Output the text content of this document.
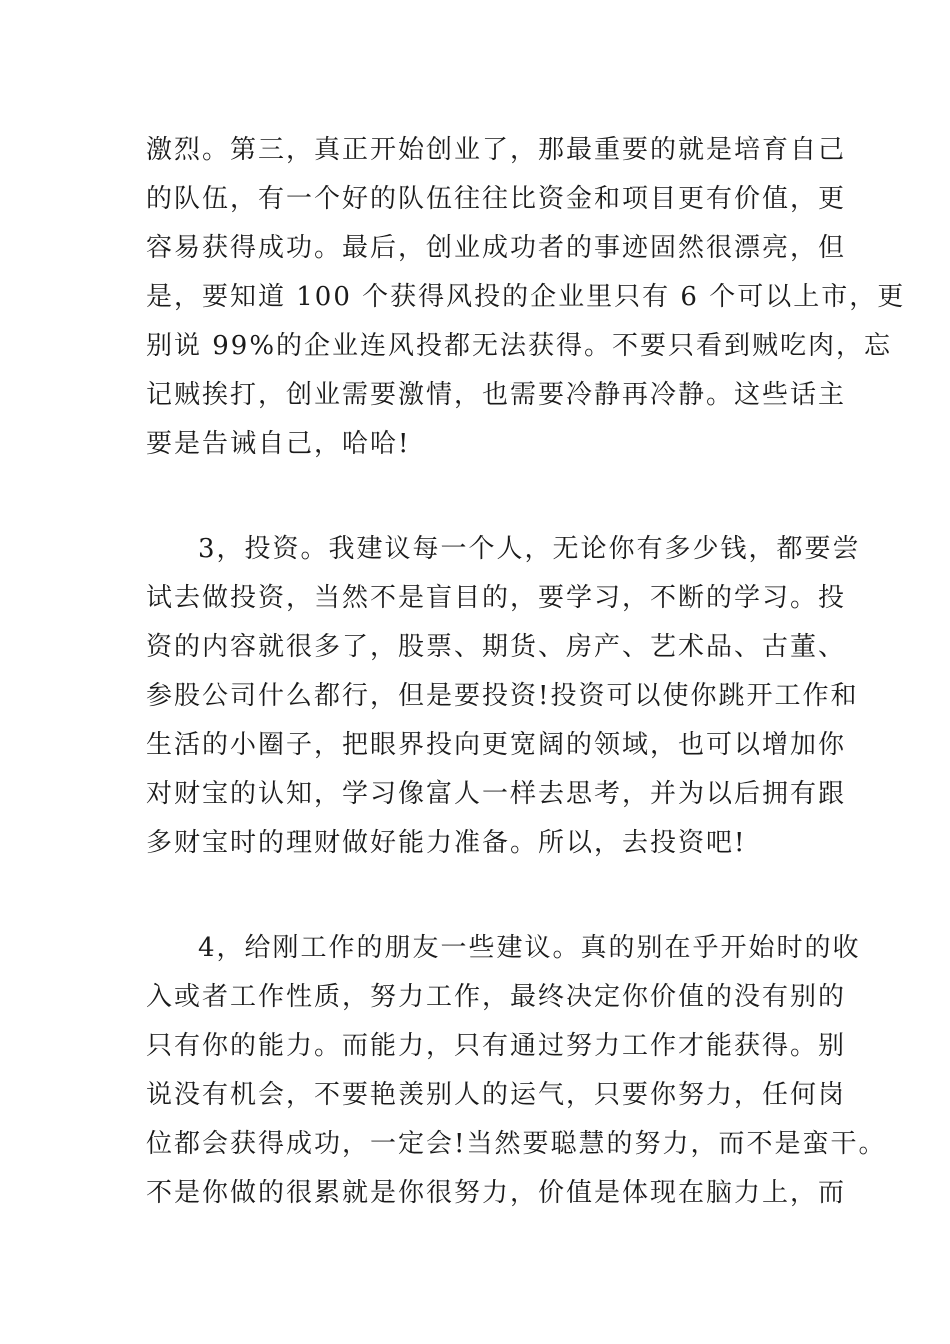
激烈。第三，真正开始创业了，那最重要的就是培育自己
的队伍，有一个好的队伍往往比资金和项目更有价值，更
容易获得成功。最后，创业成功者的事迹固然很漂亮，但
是，要知道 100 个获得风投的企业里只有 6 个可以上市，更
别说 99%的企业连风投都无法获得。不要只看到贼吃肉，忘
记贼挨打，创业需要激情，也需要冷静再冷静。这些话主
要是告诫自己，哈哈!
3，投资。我建议每一个人，无论你有多少钱，都要尝
试去做投资，当然不是盲目的，要学习，不断的学习。投
资的内容就很多了，股票、期货、房产、艺术品、古董、
参股公司什么都行，但是要投资!投资可以使你跳开工作和
生活的小圈子，把眼界投向更宽阔的领域，也可以增加你
对财宝的认知，学习像富人一样去思考，并为以后拥有跟
多财宝时的理财做好能力准备。所以，去投资吧!
4，给刚工作的朋友一些建议。真的别在乎开始时的收
入或者工作性质，努力工作，最终决定你价值的没有别的
只有你的能力。而能力，只有通过努力工作才能获得。别
说没有机会，不要艳羡别人的运气，只要你努力，任何岗
位都会获得成功，一定会!当然要聪慧的努力，而不是蛮干。
不是你做的很累就是你很努力，价值是体现在脑力上，而
